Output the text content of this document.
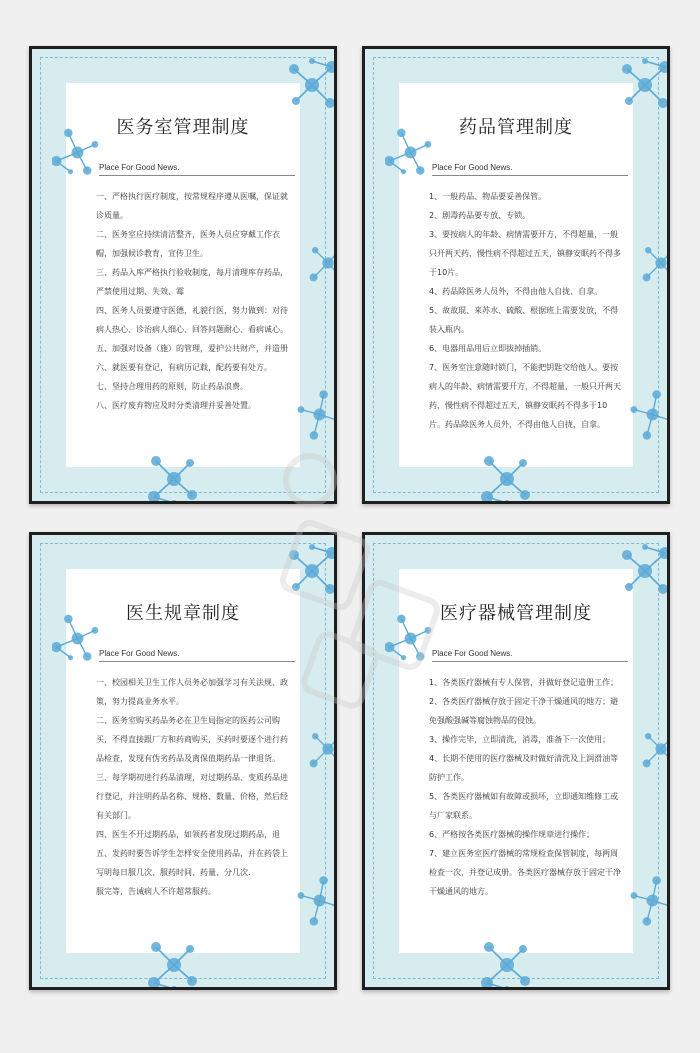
医务室管理制度
Place For Good News.
一、严格执行医疗制度，按常规程序遵从医嘱，保证就
诊质量。
二、医务室应持续清洁整齐，医务人员应穿戴工作衣
帽，加强候诊教育，宣传卫生。
三、药品入库严格执行验收制度，每月清理库存药品，
严禁使用过期、失效、霉
四、医务人员要遵守医德，礼貌行医，努力做到：对待
病人热心、诊治病人细心、回答问题耐心、看病诚心。
五、加强对设备（施）的管理，爱护公共财产，并造册
六、就医要有登记，有病历记载，配药要有处方。
七、坚持合理用药的原则，防止药品浪费。
八、医疗废弃物应及时分类清理并妥善处置。
药品管理制度
Place For Good News.
1、一般药品、物品要妥善保管。
2、剧毒药品要专放、专锁。
3、要按病人的年龄、病情需要开方，不得超量，一般
只开两天药，慢性病不得超过五天，镇静安眠药不得多
于10片。
4、药品除医务人员外，不得由他人自拢、自拿。
5、故故琨、来苏水、硫酸、根据班上需要发放，不得
装入瓶内。
6、电器用品用后立即拔掉插销。
7、医务室注意随时锁门，不能把钥匙交给他人。要按
病人的年龄、病情需要开方，不得超量，一般只开两天
药，慢性病不得超过五天，镇静安眠药不得多于10
片。药品除医务人员外，不得由他人自拢，自拿。
医生规章制度
Place For Good News.
一、校园相关卫生工作人员务必加强学习有关法规、政
策，努力提高业务水平。
二、医务室购买药品务必在卫生局指定的医药公司购
买，不得直接跟厂方和药商购买，买药时要逐个进行药
品检查，发现有伪劣药品及离保值期药品一律退货。
三、每学期初进行药品清理，对过期药品、变质药品进
行登记，并注明药品名称、规格、数量、价格，然后经
有关部门。
四、医生不开过期药品，如领药者发现过期药品，退
五、发药时要告诉学生怎样安全使用药品，并在药袋上
写明每日服几次、服药时间、药量、分几次.
服完等，告诫病人不许超常服药。
医疗器械管理制度
Place For Good News.
1、各类医疗器械有专人保管，并做好登记造册工作；
2、各类医疗器械存放于固定干净干燥通风的地方；避
免强酸强碱等腐蚀物品的侵蚀。
3、操作完毕，立即清洗，消毒，准备下一次使用；
4、长期不使用的医疗器械及时做好清洗及上润滑油等
防护工作。
5、各类医疗器械如有故障或损坏，立即通知维修工或
与厂家联系。
6、严格按各类医疗器械的操作规章进行操作；
7、建立医务室医疗器械的常规检查保管制度，每两周
检查一次，并登记成册。各类医疗器械存放于固定干净
干燥通风的地方。
